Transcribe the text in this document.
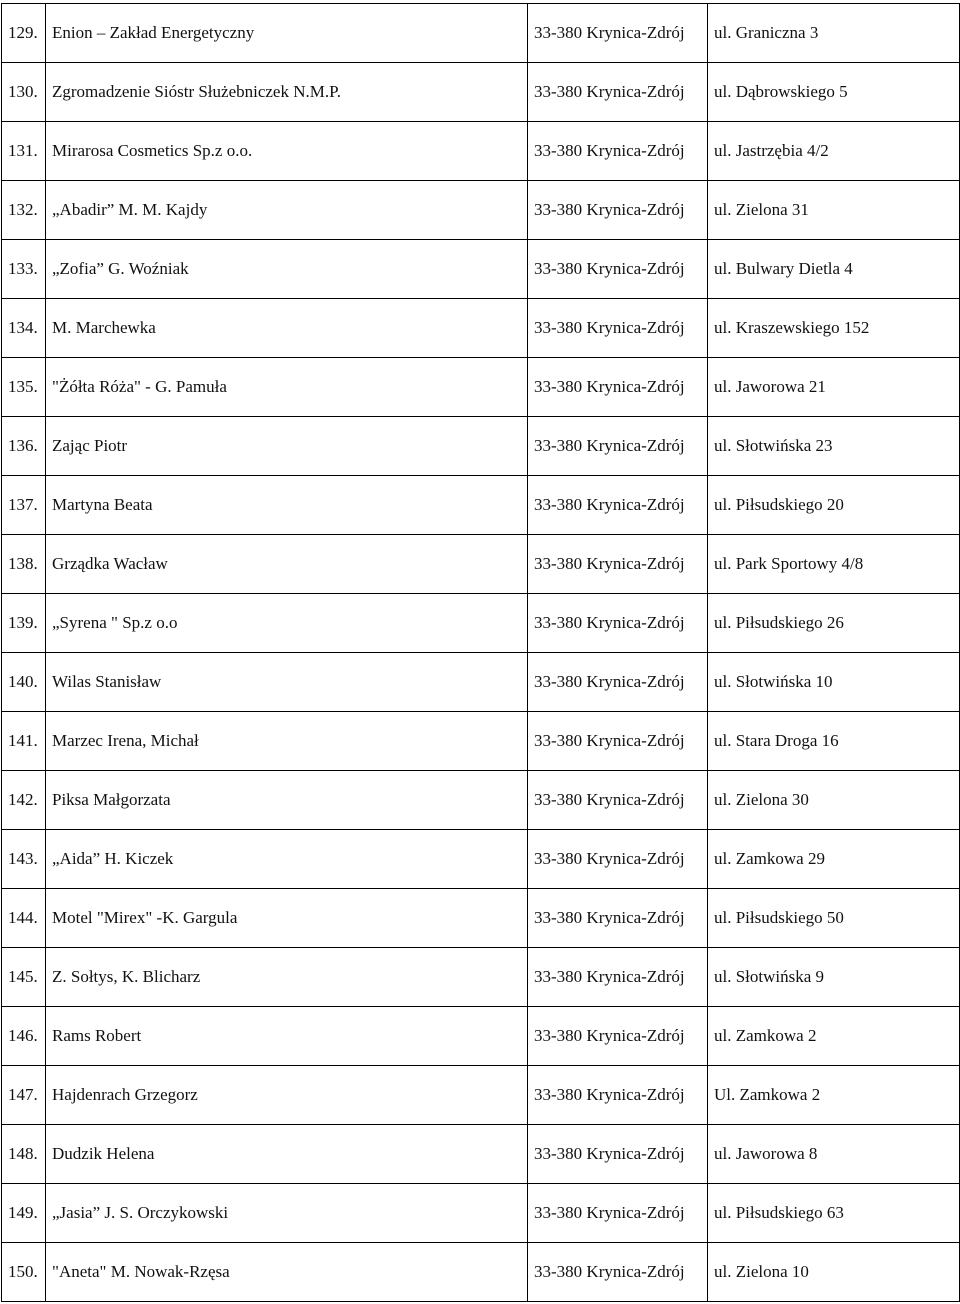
129.	Enion – Zakład Energetyczny	33-380 Krynica-Zdrój	ul. Graniczna 3
130.	Zgromadzenie Sióstr Służebniczek N.M.P.	33-380 Krynica-Zdrój	ul. Dąbrowskiego 5
131.	Mirarosa Cosmetics Sp.z o.o.	33-380 Krynica-Zdrój	ul. Jastrzębia 4/2
132.	„Abadir” M. M. Kajdy	33-380 Krynica-Zdrój	ul. Zielona 31
133.	„Zofia” G. Woźniak	33-380 Krynica-Zdrój	ul. Bulwary Dietla 4
134.	M. Marchewka	33-380 Krynica-Zdrój	ul. Kraszewskiego 152
135.	"Żółta Róża" - G. Pamuła	33-380 Krynica-Zdrój	ul. Jaworowa 21
136.	Zając Piotr	33-380 Krynica-Zdrój	ul. Słotwińska 23
137.	Martyna Beata	33-380 Krynica-Zdrój	ul. Piłsudskiego 20
138.	Grządka Wacław	33-380 Krynica-Zdrój	ul. Park Sportowy 4/8
139.	„Syrena " Sp.z o.o	33-380 Krynica-Zdrój	ul. Piłsudskiego 26
140.	Wilas Stanisław	33-380 Krynica-Zdrój	ul. Słotwińska 10
141.	Marzec Irena, Michał	33-380 Krynica-Zdrój	ul. Stara Droga 16
142.	Piksa Małgorzata	33-380 Krynica-Zdrój	ul. Zielona 30
143.	„Aida” H. Kiczek	33-380 Krynica-Zdrój	ul. Zamkowa 29
144.	Motel "Mirex" -K. Gargula	33-380 Krynica-Zdrój	ul. Piłsudskiego 50
145.	Z. Sołtys, K. Blicharz	33-380 Krynica-Zdrój	ul. Słotwińska 9
146.	Rams Robert	33-380 Krynica-Zdrój	ul. Zamkowa 2
147.	Hajdenrach Grzegorz	33-380 Krynica-Zdrój	Ul. Zamkowa 2
148.	Dudzik Helena	33-380 Krynica-Zdrój	ul. Jaworowa 8
149.	„Jasia” J. S. Orczykowski	33-380 Krynica-Zdrój	ul. Piłsudskiego 63
150.	"Aneta" M. Nowak-Rzęsa	33-380 Krynica-Zdrój	ul. Zielona 10
